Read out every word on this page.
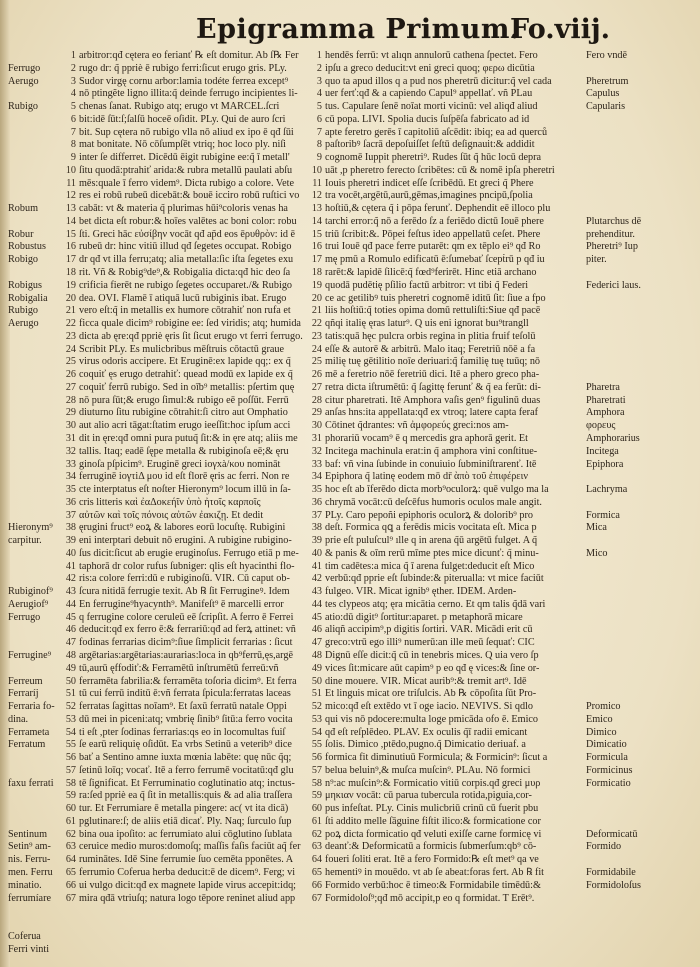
Epigramma Primum.
Fo.viij.
Ferrugo
Aerugo
Rubigo
Robum
Robur
Robustus
Robigo
Robigus
Robigalia
Rubigo
Aerugo
Hieronym⁹
carpitur.
Rubiginof⁹
Aerugiof⁹
Ferrugo
Ferrugine⁹
Ferreum
Ferraríj
Ferraria fo-
dina.
Ferrameta
Ferratum
faxu ferrati
Sentinum
Setin⁹ am-
nis. Ferru-
men. Ferru
minatio.
ferrumíare
Coferua
Ferri vinti
1 arbitror:qđ cętera eo ferianť ℞ eſt domitur. Ab ſ℞ Fer
2 rugo dr: q̃ ppriè ē rubigo ferri:ſicut erugo gris. PLy.
3 Sudor virgę cornu arbor:lamia todéte ferrea except⁹
4 nō ptingẽte ligno illita:q̃ deinde ferrugo incipientes li-
5 chenas ſanat. Rubigo atq; erugo vt MARCEL.ſcri
6 bit:idē ſūt:ſ;ſalſū hoceē oſidit. PLy. Qui de auro ſcri
7 bit. Sup cętera nō rubigo vlla nō aliud ex ipo ē qđ ſūi
8 mat bonitate. Nō cōſumpſēt vtriq; hoc loco ply. niſi
9 inter ſe differret. Dicēdū ēigit rubigine ee:q̃ ī metall'
10 ſitu quodā:ptrahiť arida:& rubra metallū paulati abſu
11 mēs:quale ī ferro videm⁹. Dicta rubigo a colore. Vete
12 res ei robū rubeū dicebāt:& bouē icciro robū ruſtici vo
13 cabāt: vt & materia q̃ plurimas hūi⁹coloris venas ha
14 bet dicta eſt robur:& hoīes valētes ac boni color: robu
15 ſti. Greci hāc εὐσίβην vocāt qđ ap̃d eos ēρυθρὸν: id ē
16 rubeū dr: hinc vitiū illud qđ ſegetes occupat. Robigo
17 dr qđ vt illa ferru;atq; alia metalla:ſic iſta ſegetes exu
18 rit. Vñ & Robig⁹de⁹,& Robigalia dicta:qđ hic deo ſa
19 crificia fierēt ne rubigo ſegetes occuparet./& Rubigo
20 dea. OVI. Flamē ī atiquā lucū rubiginis ibat. Erugo
21 vero eſt:q̃ in metallis ex humore cōtrahiť non rufa et
22 ficca quale dicim⁹ robigine ee: ſed viridis; atq; humida
23 dicta ab ęre:qđ ppriè ęris ſit ſicut erugo vt ferri ferrugo.
24 Scribit PLy. Es mulicbribus mēſtruis cōtactū graue
25 virus odoris accipere. Et Eruginē:ex lapide qq;: ex q̃
26 coquiť ęs erugo detrahiť: quead modū ex lapide ex q̃
27 coquiť ferrū rubigo. Sed in oīb⁹ metallis: pſertim quę
28 nō pura ſūt;& erugo ſimul:& rubigo eē poſſūt. Ferrū
29 diuturno ſitu rubigine cōtrahit:ſi citro aut Omphatio
30 aut alio acri tāgat:ſtatim erugo ieeſſit:hoc ipſum acci
31 dit in ęre:qđ omni pura putuq̃ ſit:& in ęre atq; aliis me
32 tallis. Itaq; eadē ſępe metalla & rubiginoſa eē;& ęru
33 ginoſa pſpicim⁹. Eruginē greci ioγxà/κου nomināt
34 ferruginē ioγτiΔ μου id eſt florē ęris ac ferri. Non re
35 cte interptatus eſt noſter Hieronym⁹ locum illū in ſa-
36 cris litteris καὶ ἐαΔοκεήῖν ὑπὸ ἠτοῖς καρποῖς
37 αὐτῶν καὶ τοῖς πόνοις αὐτῶν ἐακιζῃ. Et dedit
38 ęrugini fruct⁹ eoꝝ & labores eorū locuſtę. Rubigini
39 eni interptari debuit nō erugini. A rubigine rubigino-
40 ſus dicit:ſicut ab erugie eruginoſus. Ferrugo etiā p me-
41 taphorā dr color rufus ſubniger: qlis eſt hyacinthi flo-
42 ris:a colore ferri:dū e rubiginoſū. VIR. Cū caput ob-
43 ſcura nitidā ferrugie texit. Ab ℞ ſit Ferrugineꝰ. Idem
44 En ferrugine⁹hyacynth⁹. Manifeſt⁹ ē marcelli error
45 q ferrugine colore ceruleū eē ſcripſit. A ferro ē Ferrei
46 deducit:qđ ex ferro ē:& ferrariū:qđ ad ferꝝ attinet: vñ
47 fodinas ferrarias dicim⁹:ſiue ſimplicit ferrarias : ſicut
48 argētarias:argētarias:aurarias:loca in qb⁹ferrū,ęs,argē
49 tū,aurū ęffodiť:& Ferramētū inſtrumētū ferreū:vñ
50 ferramēta fabrilia:& ferramēta toſoria dicim⁹. Et ferra
51 tū cui ferrū inditū ē:vñ ferrata ſpicula:ferratas laceas
52 ferratas ſagittas noīam⁹. Et ſaxū ferratū natale Oppi
53 dū mei in piceni:atq; vmbrię ſinib⁹ ſitū:a ferro vocita
54 ti eſt ,pter ſodinas ferrarias:qs eo in locomultas fuiſ
55 ſe earū reliquię oſidūt. Ea vrbs Setinū a veterib⁹ dice
56 bať a Sentino amne iuxta mœnia labēte: quę nūc q̃q;
57 ſetinū loīq; vocať. Itē a ferro ferrumē vocitatū:qđ glu
58 tē ſignificat. Et Ferruminatio coglutinatio atq; inctus-
59 ra:ſed ppriè ea q̃ ſit in metallis:quis & ad alia traſſera
60 tur. Et Ferrumiare ē metalla pingere: ac( vt ita dicā)
61 pglutinare:ſ; de aliis etiā dicať. Ply. Naq; ſurculo ſup
62 bina oua ipoſito: ac ferrumiato alui cōglutino ſublata
63 ceruice medio muros:domoſq; maſſis faſis faciūt aq̃ fer
64 ruminātes. Idē Sine ferrumie ſuo cemēta pponētes. A
65 ferrumio Coferua herba deducit:ē de dicem⁹. Ferg; vi
66 ui vulgo dicit:qđ ex magnete lapide virus accepit:idq;
67 mira qđā vtriuſq; natura logo tēpore reninet aliud app
1 hendēs ferrū: vt alıqn annulorū cathena ſpectet. Fero
2 ipſu a greco deducit:vt eni greci quoq; φερω dicūtia
3 quo ta apud illos q a pud nos pheretrū dicitur:q̃ vel cada
4 uer ferť:qđ & a capiendo Capul⁹ appellať. vñ PLau
5 tus. Capulare ſenē noīat morti vicinū: vel aliqđ aliud
6 cū popa. LIVI. Spolia ducis ſuſpēſa fabricato ad id
7 apte feretro gerēs ī capitoliū aſcēdit: ibiq; ea ad querců
8 paſtoribꝰ ſacrā depoſuiſſet ſeſtū deſignauit:& addidit
9 cognomē Iuppit pheretri⁹. Rudes ſūt q̃ hūc locū depra
10 uāt ,p pheretro ferecto ſcribētes: cū & nomē ipſa pheretri
11 Iouis pheretri indicet eſſe ſcribēdū. Et greci q̃ Phere
12 tra vocēt,argētū,aurū,gēmas,imagines pncipū,ſpolia
13 hoſtiū,& cętera q̃ i pōpa ferunť. Dephendit eē illoco plu
14 tarchi error:q̃ nō a ferēdo ſz a feriēdo dictū Iouē phere
15 triū ſcribit:&. Pōpei feſtus ideo appellatū ceſet. Phere
16 trui Iouē qđ pace ferre putarēt: qm ex tēplo ei⁹ qđ Ro
17 mę pmū a Romulo edificatū ē:ſumebať ſcepṫrū p qđ iu
18 rarēt:& lapidē ſilicē:q̃ fœd⁹ferirēt. Hinc etiā archano
19 quodā pudētię pſilio factū arbitror: vt tibi q̃ Federi
20 ce ac getilibꝰ tuis pheretri cognomē iditū ſit: ſiue a fpo
21 liis hoſtiū:q̃ toties opima domū rettuliſti:Siue qđ pacē
22 qñqi italię ęras latur⁹. Q uis eni ignorat buı⁹trangll
23 tatis:quā hęc pulcra orbis regina in plitia fruif teſolū
24 eſſe & autorē & arbitrū. Malo itaq; Feretriū nōē a fa
25 milię tuę gētilitio noīe deriuari:q̃ familię tuę tuūq; nō
26 mē a feretrio nōē feretriū dici. Itē a phero greco pha-
27 retra dicta iſtrumētū: q̃ ſagittę ferunť & q̃ ea ferūt: di-
28 citur pharetrati. Itē Amphora vaſis gen⁹ figulinū duas
29 anſas h̃ns:ita appellata:qđ ex vtroq; latere capta feraf
30 Cōtinet q̃drantes: vñ ἀμφορεύς greci:nos am-
31 phorariū vocam⁹ ē q mercedis gra aphorā gerit. Et
32 Incitega machinula erat:in q̃ amphora vini conſtitue-
33 baf: vñ vina ſubinde in conuiuio ſubminiſtrarenť. Itē
34 Epiphora q̃ latinę eodem mō dr̄ ὰπὸ τοῦ ἐπιφέρειν
35 hoc eſt ab īferēdo dicta morb⁹oculorꝝ: quē vulgo ma la
36 chrymā vocāt:cū deſcēfus humoris oculos male angit.
37 PLy. Caro pepoñi epiphoris oculorꝝ & dolorib⁹ pro
38 deſt. Formica qꝗ a ferēdis micis vocitata eſt. Mica p
39 prie eſt puluſcul⁹ ılle q in arena q̃ū argētū fulget. A q̃
40 & panis & oīm rerū mīme ptes mice dicunť: q̃ minu-
41 tim cadētes:a mica q̃ ī arena fulget:deducit eſt Mico
42 verbū:qđ pprie eſt ſubinde:& piterualla: vt mice faciūt
43 fulgeo. VIR. Micat ignib⁹ ęther. IDEM. Arden-
44 tes clypeos atq; ęra micātia cerno. Et qm talis q̃dā vari
45 atio:dū digit⁹ ſortitur:aparet. p metaphorā micare
46 aliqñ accipim⁹,p digitis ſortiri. VAR. Micādi erit cū
47 greco:vtrū ego illi⁹ numerū:an ille meū ſequať: CIC
48 Dignū eſſe dicit:q̃ cū in tenebris mices. Q uia vero ſp
49 vices ſit:micare aūt capim⁹ p eo qđ ę vices:& ſine or-
50 dine mouere. VIR. Micat aurib⁹:& tremit art⁹. Idē
51 Et linguis micat ore triſulcis. Ab ℞ cōpoſita ſūt Pro-
52 mico:qđ eſt extēdo vt ī oge iacio. NEVIVS. Si qdlo
53 qui vis nō pdocere:multa loge pmicāda ofo ē. Emico
54 qđ eſt reſplēdeo. PLAV. Ex oculis q̃ī radii emicant
55 ſolis. Dimico ,ptēdo,pugno.q̃ Dimicatio deriuaf. a
56 formica fit diminutiuū Formicula; & Formicin⁹: ſicut a
57 belua beluin⁹,& muſca muſcin⁹. PLAu. Nō formici
58 n⁹:ac muſcin⁹:& Formicatio vitiū corpis.qđ greci μυρ
59 μηκιαν vocāt: cū parua tubercula rotida,piguia,cor-
60 pus infeſtat. PLy. Cinis mulicbriū crinū cū fuerit pbu
61 ſti addito melle ſāguine fiſtit ilico:& formicatione cor
62 poꝝ dicta formicatio qđ veluti exiſſe carne formicę vi
63 deanť:& Deformicatū a formicis ſubmerſum:qb⁹ cō-
64 foueri ſoliti erat. Itē a fero Formido:℞ eſt met⁹ qa ve
65 hementiꝰ in mouēdo. vt ab ſe abeat:foras fert. Ab ℞ fit
66 Formido verbū:hoc ē timeo:& Formidabile timēdū:&
67 Formidoloſ⁹;qđ mō accipit,p eo q formidat. T Erēt⁹.
Fero vndē
Pheretrum
Capulus
Capularis
Plutarchus dē
prehenditur.
Pheretri⁹ Iup
piter.
Federici laus.
Pharetra
Pharetrati
Amphora
φορευς
Amphorarius
Incitega
Epiphora
Lachryma
Formica
Mica
Mico
Promico
Emico
Dimico
Dimicatio
Formicula
Formicinus
Formicatio
Deformicatū
Formido
Formidabile
Formidoloſus
